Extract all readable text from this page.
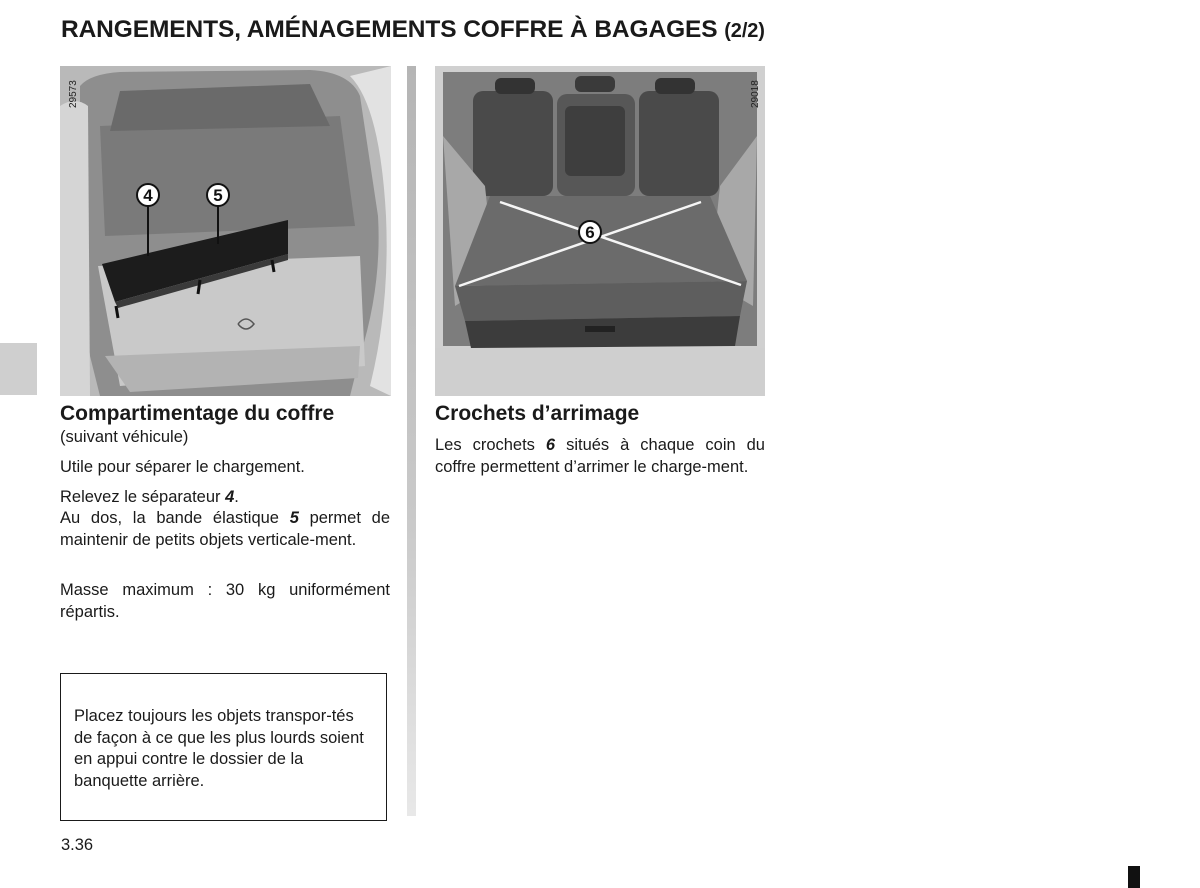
RANGEMENTS, AMÉNAGEMENTS COFFRE À BAGAGES (2/2)
29573
4	5
29018
6
Compartimentage du coffre
(suivant véhicule)

Utile pour séparer le chargement.

Relevez le séparateur 4.

Au dos, la bande élastique 5 permet de maintenir de petits objets verticale-ment.

Masse maximum : 30 kg uniformément répartis.

Placez toujours les objets transpor-tés de façon à ce que les plus lourds soient en appui contre le dossier de la banquette arrière.

Crochets d’arrimage

Les crochets 6 situés à chaque coin du coffre permettent d’arrimer le charge-ment.

3.36
